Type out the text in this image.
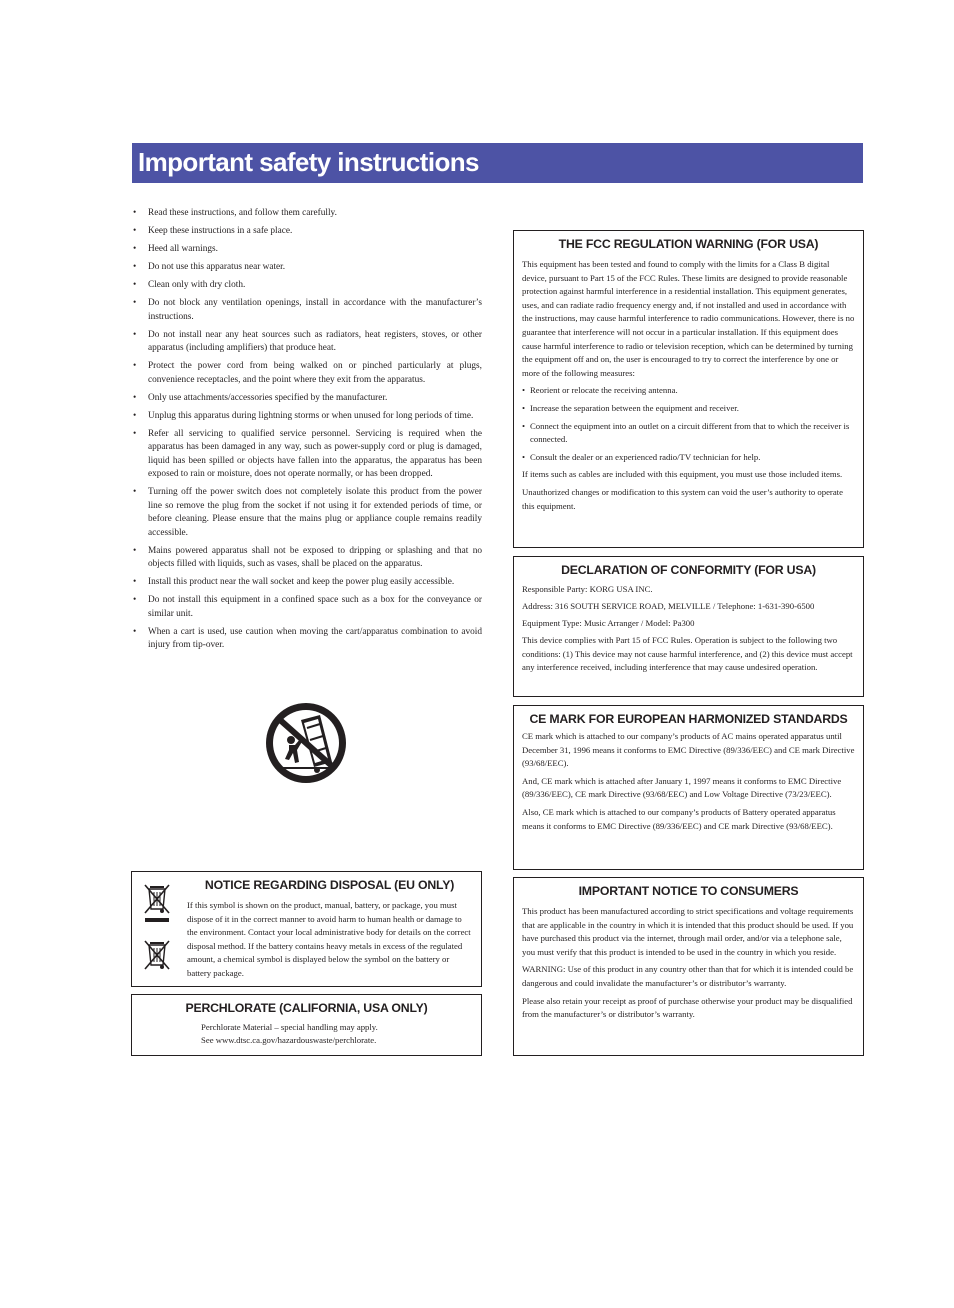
Important safety instructions
• Read these instructions, and follow them carefully.
• Keep these instructions in a safe place.
• Heed all warnings.
• Do not use this apparatus near water.
• Clean only with dry cloth.
• Do not block any ventilation openings, install in accordance with the manufacturer’s instructions.
• Do not install near any heat sources such as radiators, heat registers, stoves, or other apparatus (including amplifiers) that produce heat.
• Protect the power cord from being walked on or pinched particularly at plugs, convenience receptacles, and the point where they exit from the apparatus.
• Only use attachments/accessories specified by the manufacturer.
• Unplug this apparatus during lightning storms or when unused for long periods of time.
• Refer all servicing to qualified service personnel. Servicing is required when the apparatus has been damaged in any way, such as power-supply cord or plug is damaged, liquid has been spilled or objects have fallen into the apparatus, the apparatus has been exposed to rain or moisture, does not operate normally, or has been dropped.
• Turning off the power switch does not completely isolate this product from the power line so remove the plug from the socket if not using it for extended periods of time, or before cleaning. Please ensure that the mains plug or appliance couple remains readily accessible.
• Mains powered apparatus shall not be exposed to dripping or splashing and that no objects filled with liquids, such as vases, shall be placed on the apparatus.
• Install this product near the wall socket and keep the power plug easily accessible.
• Do not install this equipment in a confined space such as a box for the conveyance or similar unit.
• When a cart is used, use caution when moving the cart/apparatus combination to avoid injury from tip-over.
THE FCC REGULATION WARNING (FOR USA)

This equipment has been tested and found to comply with the limits for a Class B digital device, pursuant to Part 15 of the FCC Rules. These limits are designed to provide reasonable protection against harmful interference in a residential installation. This equipment generates, uses, and can radiate radio frequency energy and, if not installed and used in accordance with the instructions, may cause harmful interference to radio communications. However, there is no guarantee that interference will not occur in a particular installation. If this equipment does cause harmful interference to radio or television reception, which can be determined by turning the equipment off and on, the user is encouraged to try to correct the interference by one or more of the following measures:

• Reorient or relocate the receiving antenna.
• Increase the separation between the equipment and receiver.
• Connect the equipment into an outlet on a circuit different from that to which the receiver is connected.
• Consult the dealer or an experienced radio/TV technician for help.

If items such as cables are included with this equipment, you must use those included items.

Unauthorized changes or modification to this system can void the user’s authority to operate this equipment.

DECLARATION OF CONFORMITY (FOR USA)

Responsible Party: KORG USA INC.

Address: 316 SOUTH SERVICE ROAD, MELVILLE / Telephone: 1-631-390-6500

Equipment Type: Music Arranger / Model: Pa300

This device complies with Part 15 of FCC Rules. Operation is subject to the following two conditions: (1) This device may not cause harmful interference, and (2) this device must accept any interference received, including interference that may cause undesired operation.

CE MARK FOR EUROPEAN HARMONIZED STANDARDS

CE mark which is attached to our company’s products of AC mains operated apparatus until December 31, 1996 means it conforms to EMC Directive (89/336/EEC) and CE mark Directive (93/68/EEC).

And, CE mark which is attached after January 1, 1997 means it conforms to EMC Directive (89/336/EEC), CE mark Directive (93/68/EEC) and Low Voltage Directive (73/23/EEC).

Also, CE mark which is attached to our company’s products of Battery operated apparatus means it conforms to EMC Directive (89/336/EEC) and CE mark Directive (93/68/EEC).

IMPORTANT NOTICE TO CONSUMERS

This product has been manufactured according to strict specifications and voltage requirements that are applicable in the country in which it is intended that this product should be used. If you have purchased this product via the internet, through mail order, and/or via a telephone sale, you must verify that this product is intended to be used in the country in which you reside.

WARNING: Use of this product in any country other than that for which it is intended could be dangerous and could invalidate the manufacturer’s or distributor’s warranty.

Please also retain your receipt as proof of purchase otherwise your product may be disqualified from the manufacturer’s or distributor’s warranty.

NOTICE REGARDING DISPOSAL (EU ONLY)

If this symbol is shown on the product, manual, battery, or package, you must dispose of it in the correct manner to avoid harm to human health or damage to the environment. Contact your local administrative body for details on the correct disposal method. If the battery contains heavy metals in excess of the regulated amount, a chemical symbol is displayed below the symbol on the battery or battery package.

PERCHLORATE (CALIFORNIA, USA ONLY)

Perchlorate Material – special handling may apply.

See www.dtsc.ca.gov/hazardouswaste/perchlorate.
